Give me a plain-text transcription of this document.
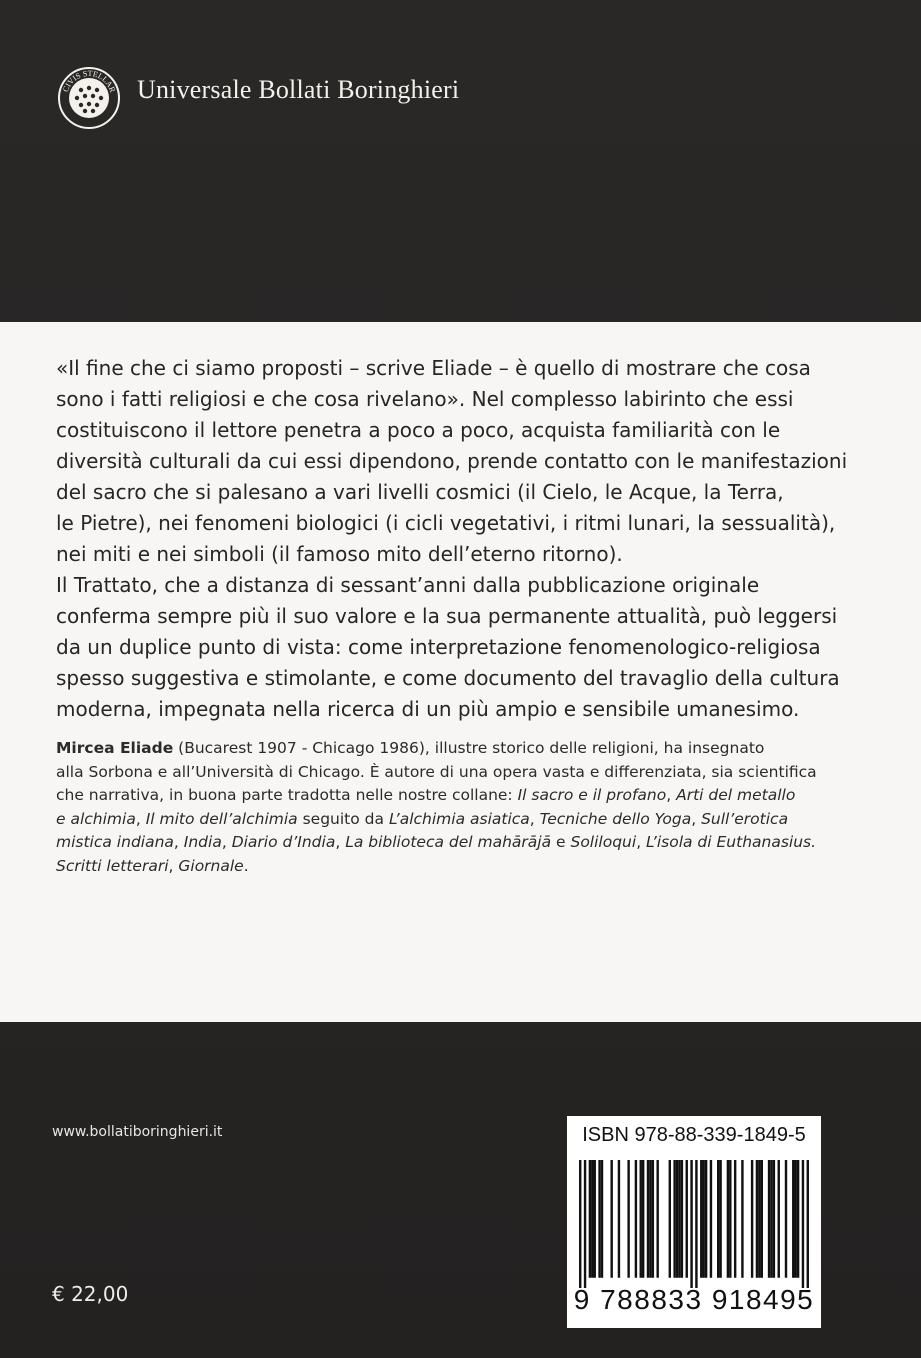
CIVIS STELLAR Universale Bollati Boringhieri

«Il fine che ci siamo proposti – scrive Eliade – è quello di mostrare che cosa

sono i fatti religiosi e che cosa rivelano». Nel complesso labirinto che essi

costituiscono il lettore penetra a poco a poco, acquista familiarità con le

diversità culturali da cui essi dipendono, prende contatto con le manifestazioni

del sacro che si palesano a vari livelli cosmici (il Cielo, le Acque, la Terra,

le Pietre), nei fenomeni biologici (i cicli vegetativi, i ritmi lunari, la sessualità),

nei miti e nei simboli (il famoso mito dell’eterno ritorno).

Il Trattato, che a distanza di sessant’anni dalla pubblicazione originale

conferma sempre più il suo valore e la sua permanente attualità, può leggersi

da un duplice punto di vista: come interpretazione fenomenologico-religiosa

spesso suggestiva e stimolante, e come documento del travaglio della cultura

moderna, impegnata nella ricerca di un più ampio e sensibile umanesimo.

Mircea Eliade (Bucarest 1907 - Chicago 1986), illustre storico delle religioni, ha insegnato

alla Sorbona e all’Università di Chicago. È autore di una opera vasta e differenziata, sia scientifica

che narrativa, in buona parte tradotta nelle nostre collane: Il sacro e il profano, Arti del metallo

e alchimia, Il mito dell’alchimia seguito da L’alchimia asiatica, Tecniche dello Yoga, Sull’erotica

mistica indiana, India, Diario d’India, La biblioteca del mahārājā e Soliloqui, L’isola di Euthanasius.

Scritti letterari, Giornale.

www.bollatiboringhieri.it
€ 22,00
ISBN 978-88-339-1849-5
9 788833 918495
